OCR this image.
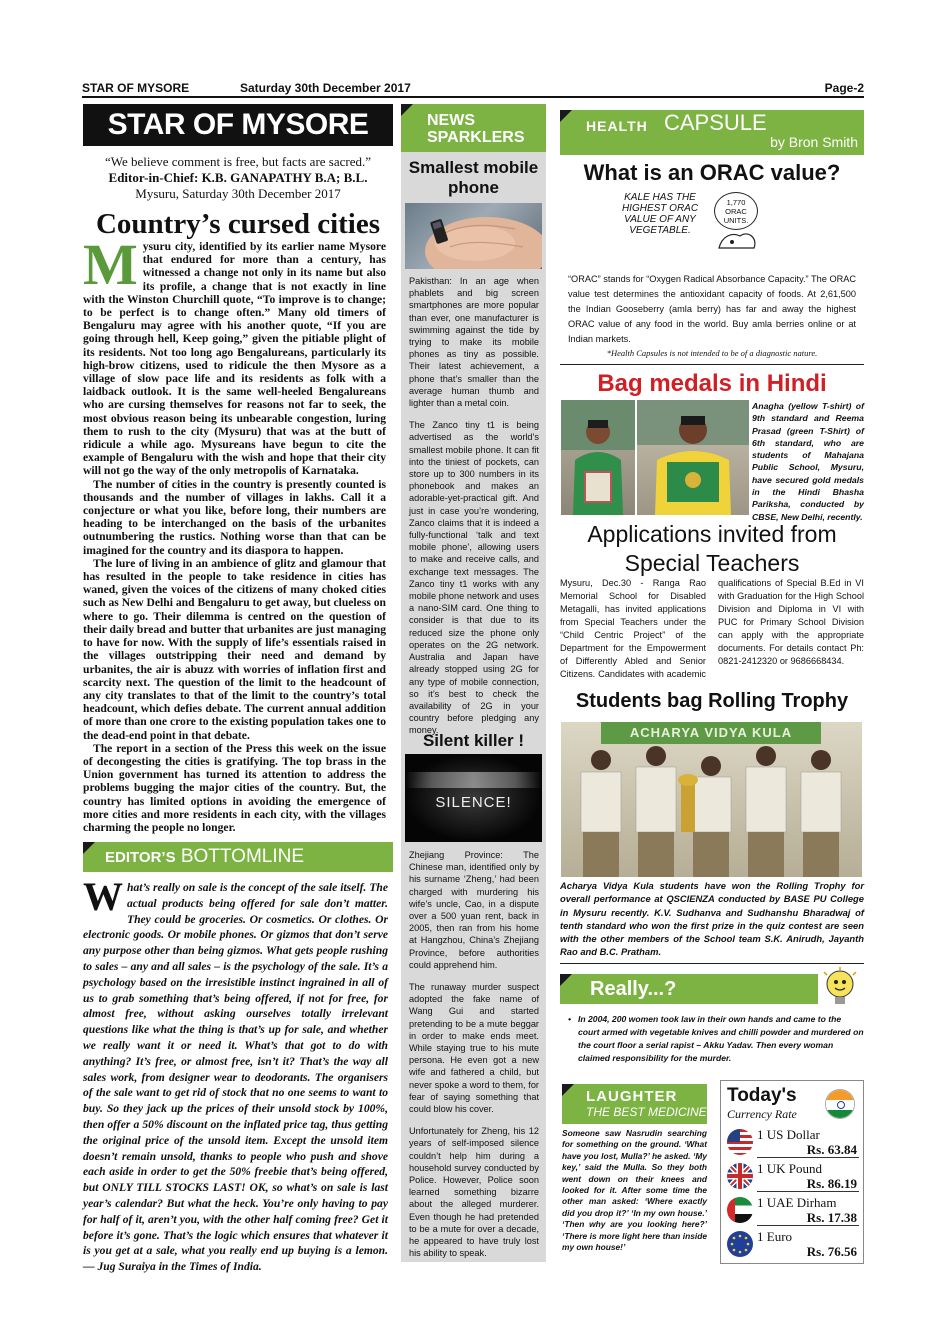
STAR OF MYSORE	Saturday 30th December 2017	Page-2
STAR OF MYSORE
“We believe comment is free, but facts are sacred.”
Editor-in-Chief: K.B. GANAPATHY B.A; B.L.
Mysuru, Saturday 30th December 2017
Country’s cursed cities

Mysuru city, identified by its earlier name Mysore that endured for more than a century, has witnessed a change not only in its name but also its profile, a change that is not exactly in line with the Winston Churchill quote, “To improve is to change; to be perfect is to change often.” Many old timers of Bengaluru may agree with his another quote, “If you are going through hell, Keep going,” given the pitiable plight of its residents. Not too long ago Bengalureans, particularly its high-brow citizens, used to ridicule the then Mysore as a village of slow pace life and its residents as folk with a laidback outlook. It is the same well-heeled Bengalureans who are cursing themselves for reasons not far to seek, the most obvious reason being its unbearable congestion, luring them to rush to the city (Mysuru) that was at the butt of ridicule a while ago. Mysureans have begun to cite the example of Bengaluru with the wish and hope that their city will not go the way of the only metropolis of Karnataka.

The number of cities in the country is presently counted is thousands and the number of villages in lakhs. Call it a conjecture or what you like, before long, their numbers are heading to be interchanged on the basis of the urbanites outnumbering the rustics. Nothing worse than that can be imagined for the country and its diaspora to happen.

The lure of living in an ambience of glitz and glamour that has resulted in the people to take residence in cities has waned, given the voices of the citizens of many choked cities such as New Delhi and Bengaluru to get away, but clueless on where to go. Their dilemma is centred on the question of their daily bread and butter that urbanites are just managing to have for now. With the supply of life’s essentials raised in the villages outstripping their need and demand by urbanites, the air is abuzz with worries of inflation first and scarcity next. The question of the limit to the headcount of any city translates to that of the limit to the country’s total headcount, which defies debate. The current annual addition of more than one crore to the existing population takes one to the dead-end point in that debate.

The report in a section of the Press this week on the issue of decongesting the cities is gratifying. The top brass in the Union government has turned its attention to address the problems bugging the major cities of the country. But, the country has limited options in avoiding the emergence of more cities and more residents in each city, with the villages charming the people no longer.

EDITOR’S BOTTOMLINE
What’s really on sale is the concept of the sale itself. The actual products being offered for sale don’t matter. They could be groceries. Or cosmetics. Or clothes. Or electronic goods. Or mobile phones. Or gizmos that don’t serve any purpose other than being gizmos. What gets people rushing to sales – any and all sales – is the psychology of the sale. It’s a psychology based on the irresistible instinct ingrained in all of us to grab something that’s being offered, if not for free, for almost free, without asking ourselves totally irrelevant questions like what the thing is that’s up for sale, and whether we really want it or need it. What’s that got to do with anything? It’s free, or almost free, isn’t it? That’s the way all sales work, from designer wear to deodorants. The organisers of the sale want to get rid of stock that no one seems to want to buy. So they jack up the prices of their unsold stock by 100%, then offer a 50% discount on the inflated price tag, thus getting the original price of the unsold item. Except the unsold item doesn’t remain unsold, thanks to people who push and shove each aside in order to get the 50% freebie that’s being offered, but ONLY TILL STOCKS LAST! OK, so what’s on sale is last year’s calendar? But what the heck. You’re only having to pay for half of it, aren’t you, with the other half coming free? Get it before it’s gone. That’s the logic which ensures that whatever it is you get at a sale, what you really end up buying is a lemon. — Jug Suraiya in the Times of India.
NEWS
SPARKLERS
Smallest mobile phone

Pakisthan: In an age when phablets and big screen smartphones are more popular than ever, one manufacturer is swimming against the tide by trying to make its mobile phones as tiny as possible. Their latest achievement, a phone that’s smaller than the average human thumb and lighter than a metal coin.

The Zanco tiny t1 is being advertised as the world’s smallest mobile phone. It can fit into the tiniest of pockets, can store up to 300 numbers in its phonebook and makes an adorable-yet-practical gift. And just in case you’re wondering, Zanco claims that it is indeed a fully-functional ‘talk and text mobile phone’, allowing users to make and receive calls, and exchange text messages. The Zanco tiny t1 works with any mobile phone network and uses a nano-SIM card. One thing to consider is that due to its reduced size the phone only operates on the 2G network. Australia and Japan have already stopped using 2G for any type of mobile connection, so it’s best to check the availability of 2G in your country before pledging any money.

Silent killer !
SILENCE!

Zhejiang Province: The Chinese man, identified only by his surname ‘Zheng,’ had been charged with murdering his wife’s uncle, Cao, in a dispute over a 500 yuan rent, back in 2005, then ran from his home at Hangzhou, China’s Zhejiang Province, before authorities could apprehend him.

The runaway murder suspect adopted the fake name of Wang Gui and started pretending to be a mute beggar in order to make ends meet. While staying true to his mute persona. He even got a new wife and fathered a child, but never spoke a word to them, for fear of saying something that could blow his cover.

Unfortunately for Zheng, his 12 years of self-imposed silence couldn’t help him during a household survey conducted by Police. However, Police soon learned something bizarre about the alleged murderer. Even though he had pretended to be a mute for over a decade, he appeared to have truly lost his ability to speak.

HEALTH CAPSULE
by Bron Smith
What is an ORAC value?
KALE HAS THE HIGHEST ORAC VALUE OF ANY VEGETABLE.
1,770 ORAC UNITS.
“ORAC” stands for “Oxygen Radical Absorbance Capacity.” The ORAC value test determines the antioxidant capacity of foods. At 2,61,500 the Indian Gooseberry (amla berry) has far and away the highest ORAC value of any food in the world. Buy amla berries online or at Indian markets.
*Health Capsules is not intended to be of a diagnostic nature.
Bag medals in Hindi
Anagha (yellow T-shirt) of 9th standard and Reema Prasad (green T-Shirt) of 6th standard, who are students of Mahajana Public School, Mysuru, have secured gold medals in the Hindi Bhasha Pariksha, conducted by CBSE, New Delhi, recently.
Applications invited from
Special Teachers
Mysuru, Dec.30 - Ranga Rao Memorial School for Disabled Metagalli, has invited applications from Special Teachers under the “Child Centric Project” of the Department for the Empowerment of Differently Abled and Senior Citizens. Candidates with academic qualifications of Special B.Ed in VI with Graduation for the High School Division and Diploma in VI with PUC for Primary School Division can apply with the appropriate documents. For details contact Ph: 0821-2412320 or 9686668434.
Students bag Rolling Trophy
ACHARYA VIDYA KULA
Acharya Vidya Kula students have won the Rolling Trophy for overall performance at QSCIENZA conducted by BASE PU College in Mysuru recently. K.V. Sudhanva and Sudhanshu Bharadwaj of tenth standard who won the first prize in the quiz contest are seen with the other members of the School team S.K. Anirudh, Jayanth Rao and B.C. Pratham.
Really...?
• In 2004, 200 women took law in their own hands and came to the court armed with vegetable knives and chilli powder and murdered on the court floor a serial rapist – Akku Yadav. Then every woman claimed responsibility for the murder.
LAUGHTER
THE BEST MEDICINE
Someone saw Nasrudin searching for something on the ground. ‘What have you lost, Mulla?’ he asked. ‘My key,’ said the Mulla. So they both went down on their knees and looked for it. After some time the other man asked: ‘Where exactly did you drop it?’ ‘In my own house.’ ‘Then why are you looking here?’ ‘There is more light here than inside my own house!’
Today's
Currency Rate
1 US Dollar
Rs. 63.84
1 UK Pound
Rs. 86.19
1 UAE Dirham
Rs. 17.38
1 Euro
Rs. 76.56
